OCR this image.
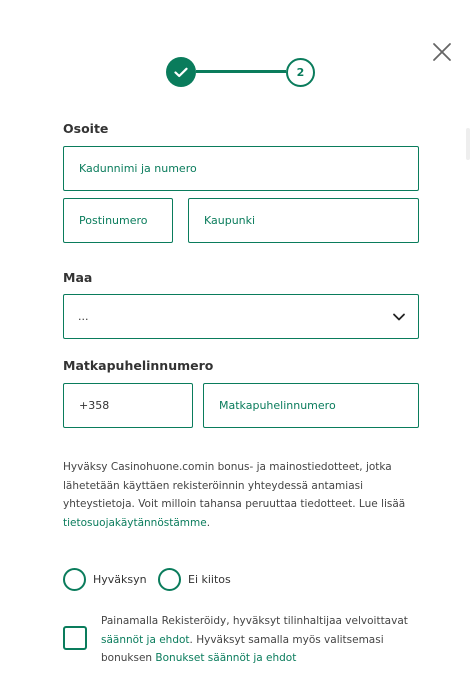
2
Osoite
Kadunnimi ja numero
Postinumero
Kaupunki
Maa
...
Matkapuhelinnumero
+358
Matkapuhelinnumero
Hyväksy Casinohuone.comin bonus- ja mainostiedotteet, jotka lähetetään käyttäen rekisteröinnin yhteydessä antamiasi yhteystietoja. Voit milloin tahansa peruuttaa tiedotteet. Lue lisää tietosuojakäytännöstämme.
Hyväksyn	Ei kiitos
Painamalla Rekisteröidy, hyväksyt tilinhaltijaa velvoittavat säännöt ja ehdot. Hyväksyt samalla myös valitsemasi bonuksen Bonukset säännöt ja ehdot
